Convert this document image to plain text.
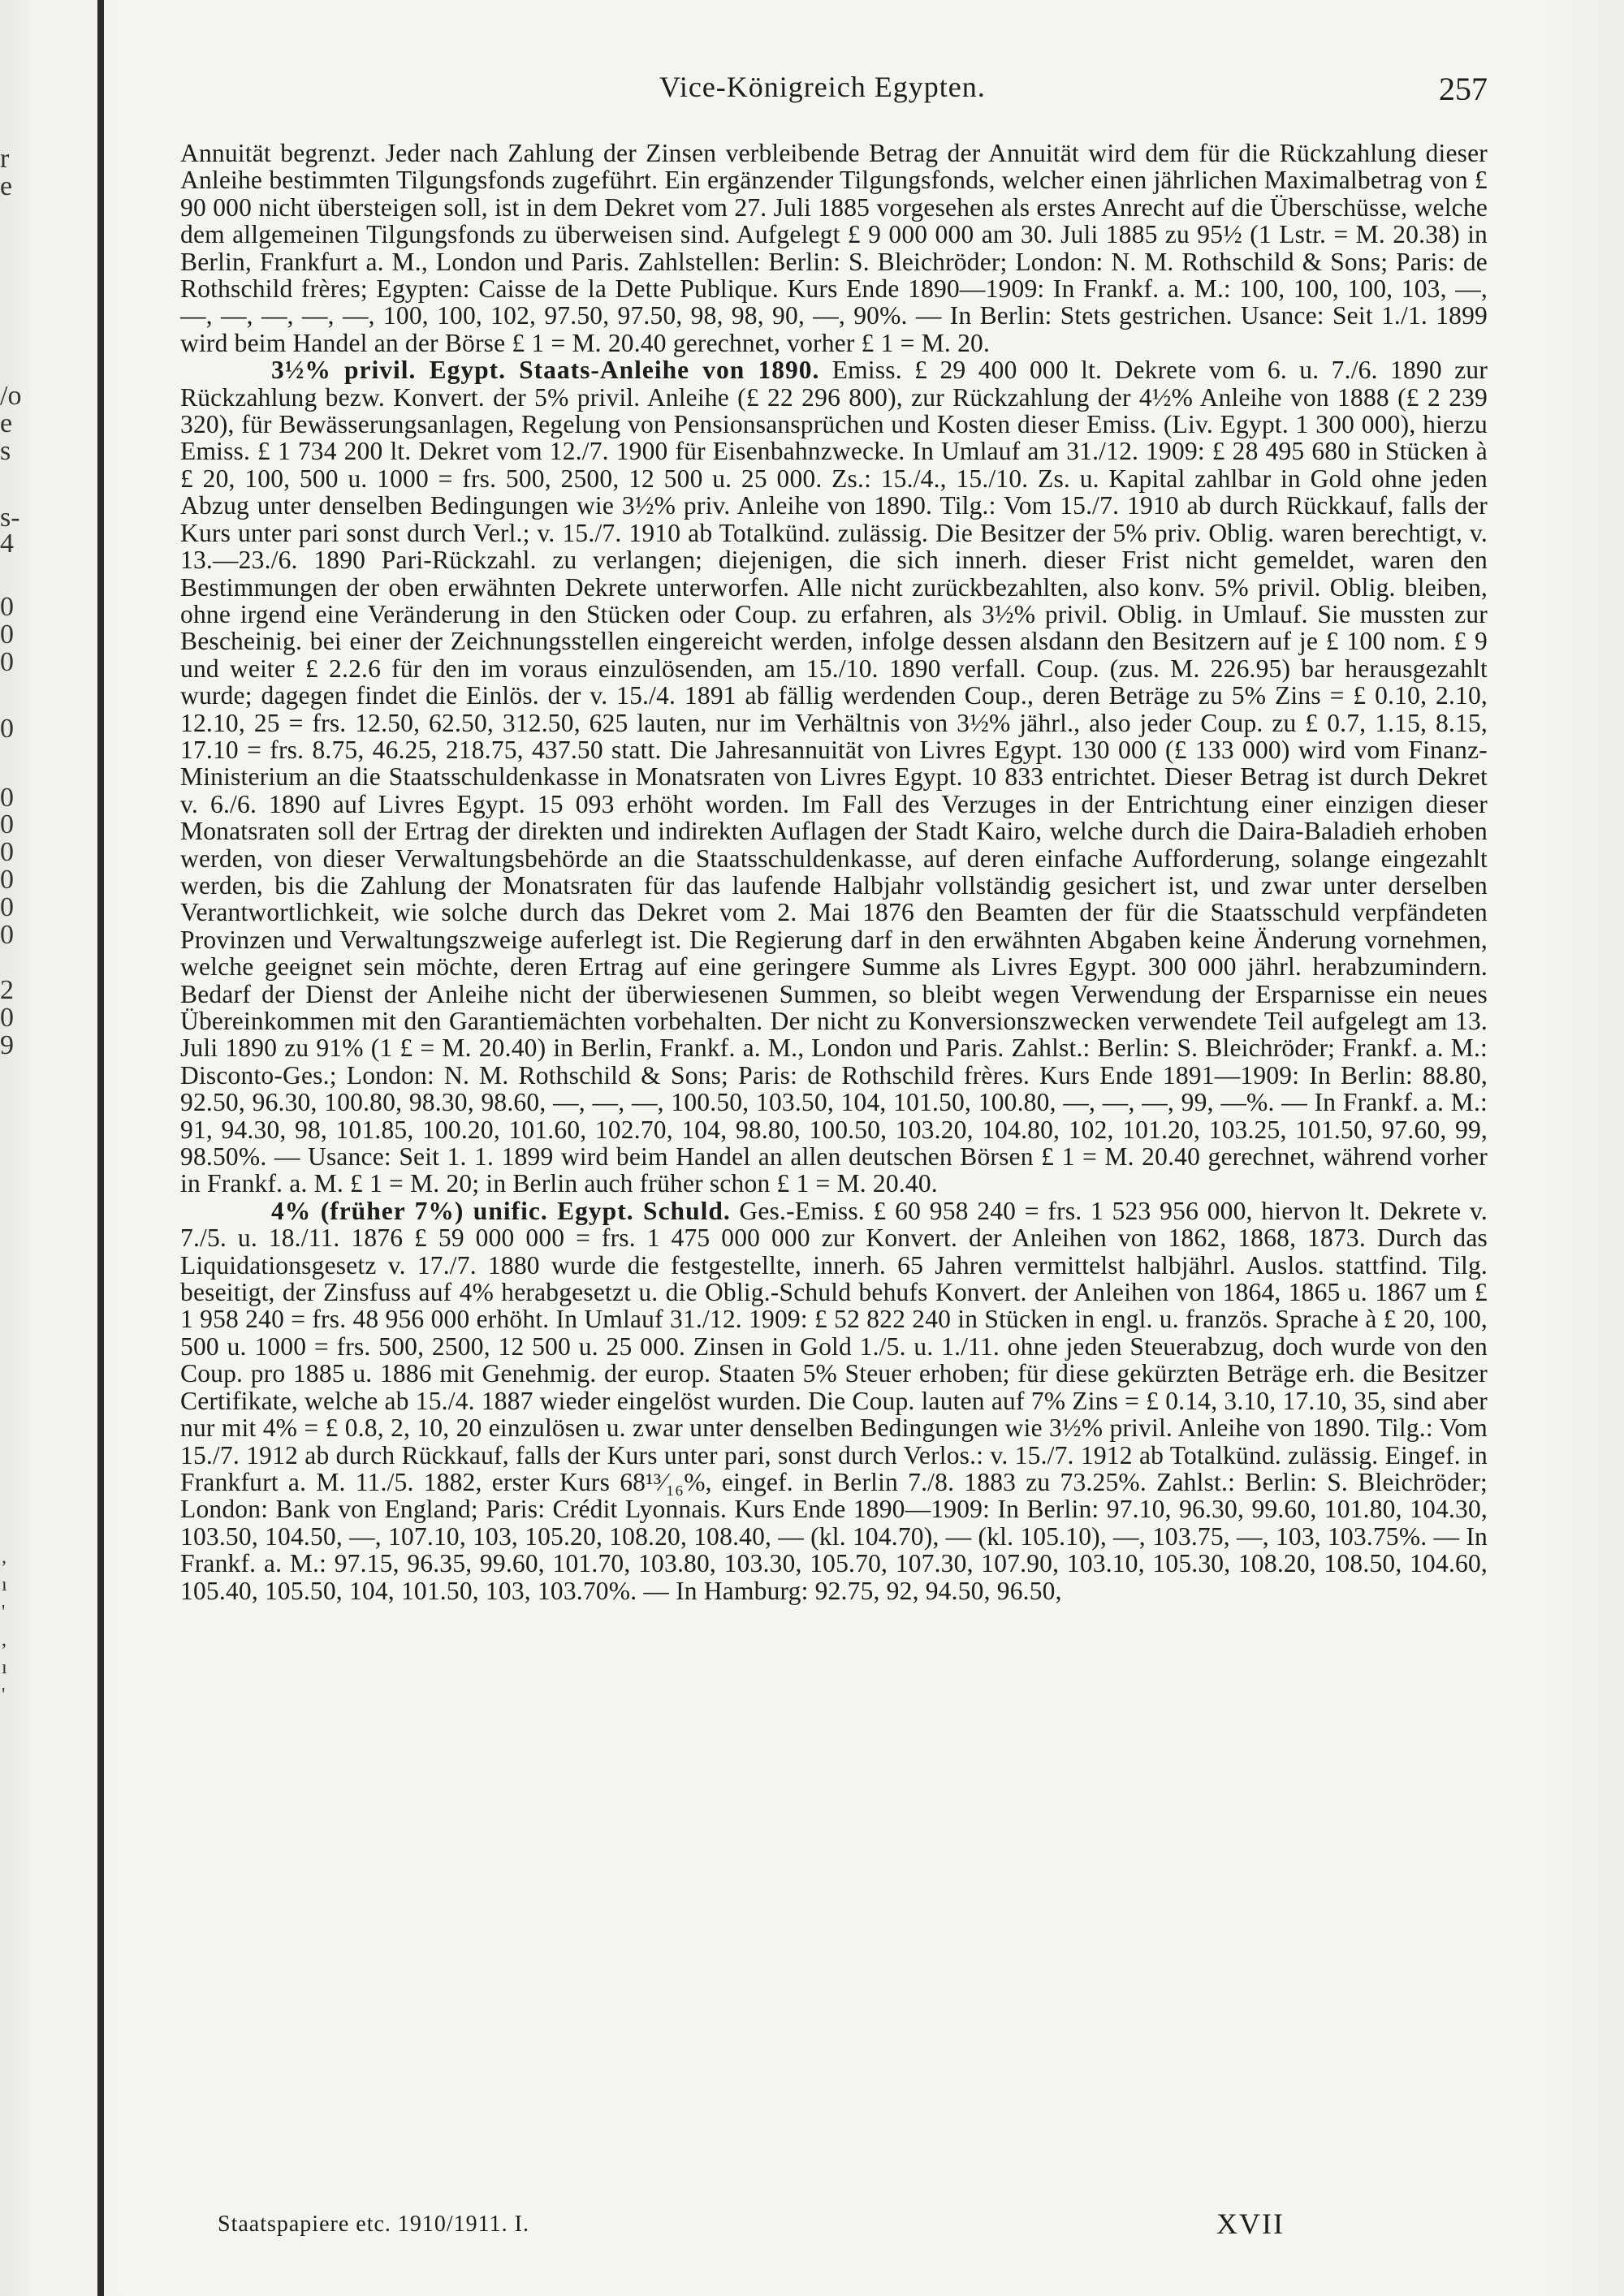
r
e
/o
e
s
s-
4
0
0
0
0
0
0
0
0
0
0
2
0
9
,
ı
'
,
ı
'
Vice-Königreich Egypten.	257

Annuität begrenzt. Jeder nach Zahlung der Zinsen verbleibende Betrag der Annuität wird dem für die Rückzahlung dieser Anleihe bestimmten Tilgungsfonds zugeführt. Ein ergänzender Tilgungsfonds, welcher einen jährlichen Maximalbetrag von £ 90 000 nicht übersteigen soll, ist in dem Dekret vom 27. Juli 1885 vorgesehen als erstes Anrecht auf die Überschüsse, welche dem allgemeinen Tilgungsfonds zu überweisen sind. Aufgelegt £ 9 000 000 am 30. Juli 1885 zu 95½ (1 Lstr. = M. 20.38) in Berlin, Frankfurt a. M., London und Paris. Zahlstellen: Berlin: S. Bleichröder; London: N. M. Rothschild & Sons; Paris: de Rothschild frères; Egypten: Caisse de la Dette Publique. Kurs Ende 1890—1909: In Frankf. a. M.: 100, 100, 100, 103, —, —, —, —, —, —, 100, 100, 102, 97.50, 97.50, 98, 98, 90, —, 90%. — In Berlin: Stets gestrichen. Usance: Seit 1./1. 1899 wird beim Handel an der Börse £ 1 = M. 20.40 gerechnet, vorher £ 1 = M. 20.

3½% privil. Egypt. Staats-Anleihe von 1890. Emiss. £ 29 400 000 lt. Dekrete vom 6. u. 7./6. 1890 zur Rückzahlung bezw. Konvert. der 5% privil. Anleihe (£ 22 296 800), zur Rückzahlung der 4½% Anleihe von 1888 (£ 2 239 320), für Bewässerungsanlagen, Regelung von Pensionsansprüchen und Kosten dieser Emiss. (Liv. Egypt. 1 300 000), hierzu Emiss. £ 1 734 200 lt. Dekret vom 12./7. 1900 für Eisenbahnzwecke. In Umlauf am 31./12. 1909: £ 28 495 680 in Stücken à £ 20, 100, 500 u. 1000 = frs. 500, 2500, 12 500 u. 25 000. Zs.: 15./4., 15./10. Zs. u. Kapital zahlbar in Gold ohne jeden Abzug unter denselben Bedingungen wie 3½% priv. Anleihe von 1890. Tilg.: Vom 15./7. 1910 ab durch Rückkauf, falls der Kurs unter pari sonst durch Verl.; v. 15./7. 1910 ab Totalkünd. zulässig. Die Besitzer der 5% priv. Oblig. waren berechtigt, v. 13.—23./6. 1890 Pari-Rückzahl. zu verlangen; diejenigen, die sich innerh. dieser Frist nicht gemeldet, waren den Bestimmungen der oben erwähnten Dekrete unterworfen. Alle nicht zurückbezahlten, also konv. 5% privil. Oblig. bleiben, ohne irgend eine Veränderung in den Stücken oder Coup. zu erfahren, als 3½% privil. Oblig. in Umlauf. Sie mussten zur Bescheinig. bei einer der Zeichnungsstellen eingereicht werden, infolge dessen alsdann den Besitzern auf je £ 100 nom. £ 9 und weiter £ 2.2.6 für den im voraus einzulösenden, am 15./10. 1890 verfall. Coup. (zus. M. 226.95) bar herausgezahlt wurde; dagegen findet die Einlös. der v. 15./4. 1891 ab fällig werdenden Coup., deren Beträge zu 5% Zins = £ 0.10, 2.10, 12.10, 25 = frs. 12.50, 62.50, 312.50, 625 lauten, nur im Verhältnis von 3½% jährl., also jeder Coup. zu £ 0.7, 1.15, 8.15, 17.10 = frs. 8.75, 46.25, 218.75, 437.50 statt. Die Jahresannuität von Livres Egypt. 130 000 (£ 133 000) wird vom Finanz-Ministerium an die Staatsschuldenkasse in Monatsraten von Livres Egypt. 10 833 entrichtet. Dieser Betrag ist durch Dekret v. 6./6. 1890 auf Livres Egypt. 15 093 erhöht worden. Im Fall des Verzuges in der Entrichtung einer einzigen dieser Monatsraten soll der Ertrag der direkten und indirekten Auflagen der Stadt Kairo, welche durch die Daira-Baladieh erhoben werden, von dieser Verwaltungsbehörde an die Staatsschuldenkasse, auf deren einfache Aufforderung, solange eingezahlt werden, bis die Zahlung der Monatsraten für das laufende Halbjahr vollständig gesichert ist, und zwar unter derselben Verantwortlichkeit, wie solche durch das Dekret vom 2. Mai 1876 den Beamten der für die Staatsschuld verpfändeten Provinzen und Verwaltungszweige auferlegt ist. Die Regierung darf in den erwähnten Abgaben keine Änderung vornehmen, welche geeignet sein möchte, deren Ertrag auf eine geringere Summe als Livres Egypt. 300 000 jährl. herabzumindern. Bedarf der Dienst der Anleihe nicht der überwiesenen Summen, so bleibt wegen Verwendung der Ersparnisse ein neues Übereinkommen mit den Garantiemächten vorbehalten. Der nicht zu Konversionszwecken verwendete Teil aufgelegt am 13. Juli 1890 zu 91% (1 £ = M. 20.40) in Berlin, Frankf. a. M., London und Paris. Zahlst.: Berlin: S. Bleichröder; Frankf. a. M.: Disconto-Ges.; London: N. M. Rothschild & Sons; Paris: de Rothschild frères. Kurs Ende 1891—1909: In Berlin: 88.80, 92.50, 96.30, 100.80, 98.30, 98.60, —, —, —, 100.50, 103.50, 104, 101.50, 100.80, —, —, —, 99, —%. — In Frankf. a. M.: 91, 94.30, 98, 101.85, 100.20, 101.60, 102.70, 104, 98.80, 100.50, 103.20, 104.80, 102, 101.20, 103.25, 101.50, 97.60, 99, 98.50%. — Usance: Seit 1. 1. 1899 wird beim Handel an allen deutschen Börsen £ 1 = M. 20.40 gerechnet, während vorher in Frankf. a. M. £ 1 = M. 20; in Berlin auch früher schon £ 1 = M. 20.40.

4% (früher 7%) unific. Egypt. Schuld. Ges.-Emiss. £ 60 958 240 = frs. 1 523 956 000, hiervon lt. Dekrete v. 7./5. u. 18./11. 1876 £ 59 000 000 = frs. 1 475 000 000 zur Konvert. der Anleihen von 1862, 1868, 1873. Durch das Liquidationsgesetz v. 17./7. 1880 wurde die festgestellte, innerh. 65 Jahren vermittelst halbjährl. Auslos. stattfind. Tilg. beseitigt, der Zinsfuss auf 4% herabgesetzt u. die Oblig.-Schuld behufs Konvert. der Anleihen von 1864, 1865 u. 1867 um £ 1 958 240 = frs. 48 956 000 erhöht. In Umlauf 31./12. 1909: £ 52 822 240 in Stücken in engl. u. französ. Sprache à £ 20, 100, 500 u. 1000 = frs. 500, 2500, 12 500 u. 25 000. Zinsen in Gold 1./5. u. 1./11. ohne jeden Steuerabzug, doch wurde von den Coup. pro 1885 u. 1886 mit Genehmig. der europ. Staaten 5% Steuer erhoben; für diese gekürzten Beträge erh. die Besitzer Certifikate, welche ab 15./4. 1887 wieder eingelöst wurden. Die Coup. lauten auf 7% Zins = £ 0.14, 3.10, 17.10, 35, sind aber nur mit 4% = £ 0.8, 2, 10, 20 einzulösen u. zwar unter denselben Bedingungen wie 3½% privil. Anleihe von 1890. Tilg.: Vom 15./7. 1912 ab durch Rückkauf, falls der Kurs unter pari, sonst durch Verlos.: v. 15./7. 1912 ab Totalkünd. zulässig. Eingef. in Frankfurt a. M. 11./5. 1882, erster Kurs 68¹³⁄₁₆%, eingef. in Berlin 7./8. 1883 zu 73.25%. Zahlst.: Berlin: S. Bleichröder; London: Bank von England; Paris: Crédit Lyonnais. Kurs Ende 1890—1909: In Berlin: 97.10, 96.30, 99.60, 101.80, 104.30, 103.50, 104.50, —, 107.10, 103, 105.20, 108.20, 108.40, — (kl. 104.70), — (kl. 105.10), —, 103.75, —, 103, 103.75%. — In Frankf. a. M.: 97.15, 96.35, 99.60, 101.70, 103.80, 103.30, 105.70, 107.30, 107.90, 103.10, 105.30, 108.20, 108.50, 104.60, 105.40, 105.50, 104, 101.50, 103, 103.70%. — In Hamburg: 92.75, 92, 94.50, 96.50,

Staatspapiere etc. 1910/1911. I.	XVII
